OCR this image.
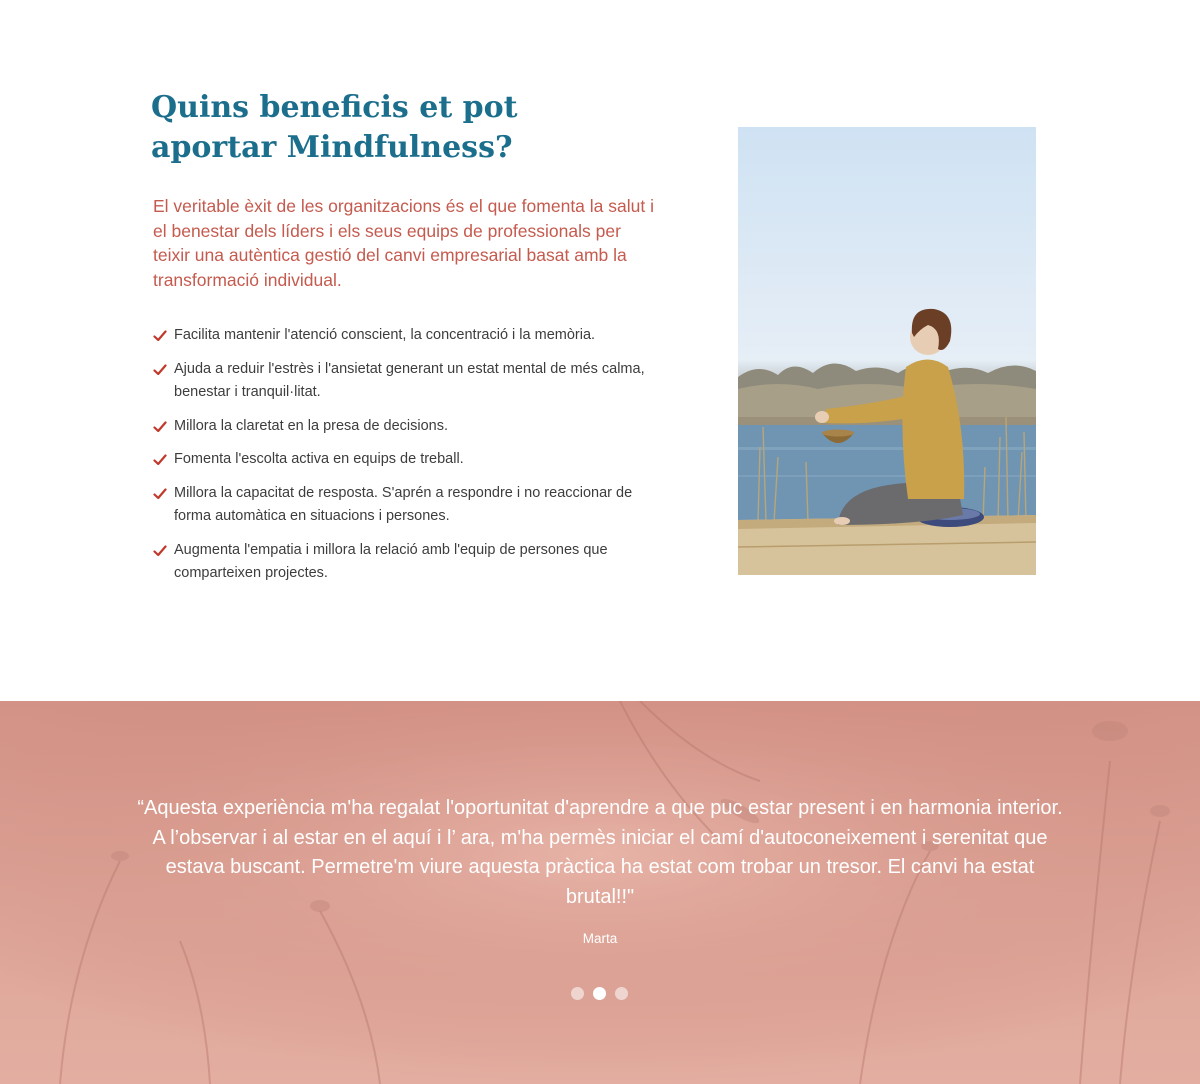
Quins beneficis et pot aportar Mindfulness?

El veritable èxit de les organitzacions és el que fomenta la salut i el benestar dels líders i els seus equips de professionals per teixir una autèntica gestió del canvi empresarial basat amb la transformació individual.

Facilita mantenir l'atenció conscient, la concentració i la memòria.
Ajuda a reduir l'estrès i l'ansietat generant un estat mental de més calma, benestar i tranquil·litat.
Millora la claretat en la presa de decisions.
Fomenta l'escolta activa en equips de treball.
Millora la capacitat de resposta. S'aprén a respondre i no reaccionar de forma automàtica en situacions i persones.
Augmenta l'empatia i millora la relació amb l'equip de persones que comparteixen projectes.

“Aquesta experiència m'ha regalat l'oportunitat d'aprendre a que puc estar present i en harmonia interior. A l’observar i al estar en el aquí i l’ ara, m'ha permès iniciar el camí d'autoconeixement i serenitat que estava buscant. Permetre'm viure aquesta pràctica ha estat com trobar un tresor. El canvi ha estat brutal!!"

Marta
